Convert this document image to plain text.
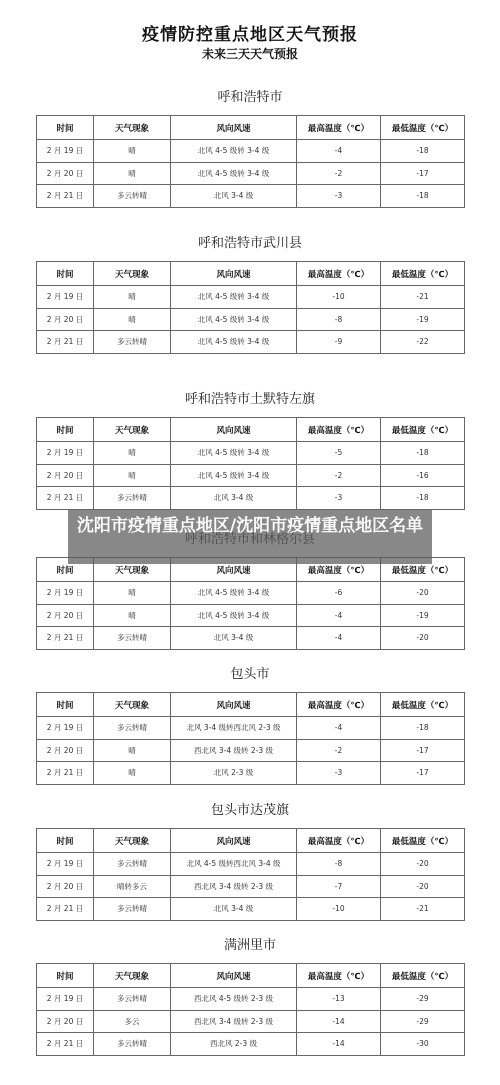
疫情防控重点地区天气预报
未来三天天气预报
呼和浩特市
时间	天气现象	风向风速	最高温度（℃）	最低温度（℃）
2 月 19 日	晴	北风 4-5 级转 3-4 级	-4	-18
2 月 20 日	晴	北风 4-5 级转 3-4 级	-2	-17
2 月 21 日	多云转晴	北风 3-4 级	-3	-18
呼和浩特市武川县
时间	天气现象	风向风速	最高温度（℃）	最低温度（℃）
2 月 19 日	晴	北风 4-5 级转 3-4 级	-10	-21
2 月 20 日	晴	北风 4-5 级转 3-4 级	-8	-19
2 月 21 日	多云转晴	北风 4-5 级转 3-4 级	-9	-22
呼和浩特市土默特左旗
时间	天气现象	风向风速	最高温度（℃）	最低温度（℃）
2 月 19 日	晴	北风 4-5 级转 3-4 级	-5	-18
2 月 20 日	晴	北风 4-5 级转 3-4 级	-2	-16
2 月 21 日	多云转晴	北风 3-4 级	-3	-18
时间	天气现象	风向风速	最高温度（℃）	最低温度（℃）
2 月 19 日	晴	北风 4-5 级转 3-4 级	-6	-20
2 月 20 日	晴	北风 4-5 级转 3-4 级	-4	-19
2 月 21 日	多云转晴	北风 3-4 级	-4	-20
包头市
时间	天气现象	风向风速	最高温度（℃）	最低温度（℃）
2 月 19 日	多云转晴	北风 3-4 级转西北风 2-3 级	-4	-18
2 月 20 日	晴	西北风 3-4 级转 2-3 级	-2	-17
2 月 21 日	晴	北风 2-3 级	-3	-17
包头市达茂旗
时间	天气现象	风向风速	最高温度（℃）	最低温度（℃）
2 月 19 日	多云转晴	北风 4-5 级转西北风 3-4 级	-8	-20
2 月 20 日	晴转多云	西北风 3-4 级转 2-3 级	-7	-20
2 月 21 日	多云转晴	北风 3-4 级	-10	-21
满洲里市
时间	天气现象	风向风速	最高温度（℃）	最低温度（℃）
2 月 19 日	多云转晴	西北风 4-5 级转 2-3 级	-13	-29
2 月 20 日	多云	西北风 3-4 级转 2-3 级	-14	-29
2 月 21 日	多云转晴	西北风 2-3 级	-14	-30
沈阳市疫情重点地区/沈阳市疫情重点地区名单
